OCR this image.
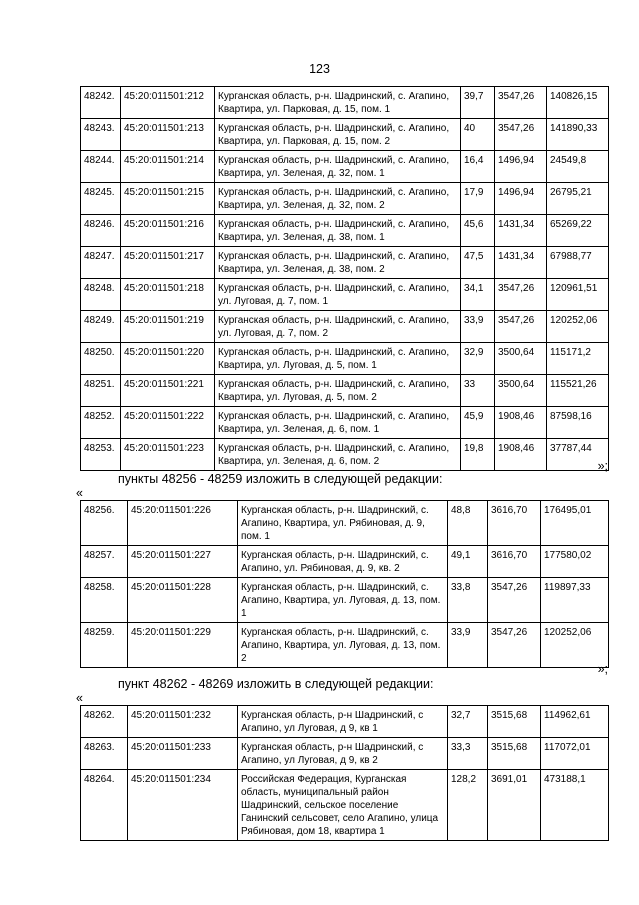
123
48242.	45:20:011501:212	Курганская область, р-н. Шадринский, с. Агапино, Квартира, ул. Парковая, д. 15, пом. 1	39,7	3547,26	140826,15
48243.	45:20:011501:213	Курганская область, р-н. Шадринский, с. Агапино, Квартира, ул. Парковая, д. 15, пом. 2	40	3547,26	141890,33
48244.	45:20:011501:214	Курганская область, р-н. Шадринский, с. Агапино, Квартира, ул. Зеленая, д. 32, пом. 1	16,4	1496,94	24549,8
48245.	45:20:011501:215	Курганская область, р-н. Шадринский, с. Агапино, Квартира, ул. Зеленая, д. 32, пом. 2	17,9	1496,94	26795,21
48246.	45:20:011501:216	Курганская область, р-н. Шадринский, с. Агапино, Квартира, ул. Зеленая, д. 38, пом. 1	45,6	1431,34	65269,22
48247.	45:20:011501:217	Курганская область, р-н. Шадринский, с. Агапино, Квартира, ул. Зеленая, д. 38, пом. 2	47,5	1431,34	67988,77
48248.	45:20:011501:218	Курганская область, р-н. Шадринский, с. Агапино, ул. Луговая, д. 7, пом. 1	34,1	3547,26	120961,51
48249.	45:20:011501:219	Курганская область, р-н. Шадринский, с. Агапино, ул. Луговая, д. 7, пом. 2	33,9	3547,26	120252,06
48250.	45:20:011501:220	Курганская область, р-н. Шадринский, с. Агапино, Квартира, ул. Луговая, д. 5, пом. 1	32,9	3500,64	115171,2
48251.	45:20:011501:221	Курганская область, р-н. Шадринский, с. Агапино, Квартира, ул. Луговая, д. 5, пом. 2	33	3500,64	115521,26
48252.	45:20:011501:222	Курганская область, р-н. Шадринский, с. Агапино, Квартира, ул. Зеленая, д. 6, пом. 1	45,9	1908,46	87598,16
48253.	45:20:011501:223	Курганская область, р-н. Шадринский, с. Агапино, Квартира, ул. Зеленая, д. 6, пом. 2	19,8	1908,46	37787,44
»;
пункты 48256 - 48259 изложить в следующей редакции:
«
48256.	45:20:011501:226	Курганская область, р-н. Шадринский, с. Агапино, Квартира, ул. Рябиновая, д. 9, пом. 1	48,8	3616,70	176495,01
48257.	45:20:011501:227	Курганская область, р-н. Шадринский, с. Агапино, ул. Рябиновая, д. 9, кв. 2	49,1	3616,70	177580,02
48258.	45:20:011501:228	Курганская область, р-н. Шадринский, с. Агапино, Квартира, ул. Луговая, д. 13, пом. 1	33,8	3547,26	119897,33
48259.	45:20:011501:229	Курганская область, р-н. Шадринский, с. Агапино, Квартира, ул. Луговая, д. 13, пом. 2	33,9	3547,26	120252,06
»;
пункт 48262 - 48269 изложить в следующей редакции:
«
48262.	45:20:011501:232	Курганская область, р-н Шадринский, с Агапино, ул Луговая, д 9, кв 1	32,7	3515,68	114962,61
48263.	45:20:011501:233	Курганская область, р-н Шадринский, с Агапино, ул Луговая, д 9, кв 2	33,3	3515,68	117072,01
48264.	45:20:011501:234	Российская Федерация, Курганская область, муниципальный район Шадринский, сельское поселение Ганинский сельсовет, село Агапино, улица Рябиновая, дом 18, квартира 1	128,2	3691,01	473188,1
